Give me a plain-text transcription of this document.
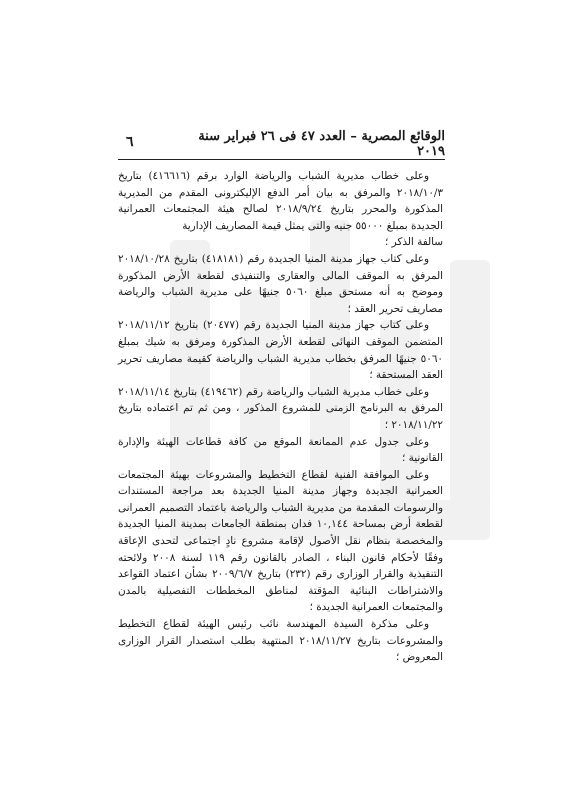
٦	الوقائع المصرية – العدد ٤٧ فى ٢٦ فبراير سنة ٢٠١٩

وعلى خطاب مديرية الشباب والرياضة الوارد برقم (٤١٦٦١٦) بتاريخ ٢٠١٨/١٠/٣ والمرفق به بيان أمر الدفع الإليكترونى المقدم من المديرية المذكورة والمحرر بتاريخ ٢٠١٨/٩/٢٤ لصالح هيئة المجتمعات العمرانية الجديدة بمبلغ ٥٥٠٠٠ جنيه والتى يمثل قيمة المصاريف الإدارية

سالفة الذكر ؛

وعلى كتاب جهاز مدينة المنيا الجديدة رقم (٤١٨١٨١) بتاريخ ٢٠١٨/١٠/٢٨ المرفق به الموقف المالى والعقارى والتنفيذى لقطعة الأرض المذكورة وموضح به أنه مستحق مبلغ ٥٠٦٠ جنيهًا على مديرية الشباب والرياضة مصاريف تحرير العقد ؛

وعلى كتاب جهاز مدينة المنيا الجديدة رقم (٢٠٤٧٧) بتاريخ ٢٠١٨/١١/١٢ المتضمن الموقف النهائى لقطعة الأرض المذكورة ومرفق به شيك بمبلغ ٥٠٦٠ جنيهًا المرفق بخطاب مديرية الشباب والرياضة كقيمة مصاريف تحرير العقد المستحقة ؛

وعلى خطاب مديرية الشباب والرياضة رقم (٤١٩٤٦٢) بتاريخ ٢٠١٨/١١/١٤ المرفق به البرنامج الزمنى للمشروع المذكور ، ومن ثم تم اعتماده بتاريخ ٢٠١٨/١١/٢٢ ؛

وعلى جدول عدم الممانعة الموقع من كافة قطاعات الهيئة والإدارة القانونية ؛

وعلى الموافقة الفنية لقطاع التخطيط والمشروعات بهيئة المجتمعات العمرانية الجديدة وجهاز مدينة المنيا الجديدة بعد مراجعة المستندات والرسومات المقدمة من مديرية الشباب والرياضة باعتماد التصميم العمرانى لقطعة أرض بمساحة ١٠,١٤٤ فدان بمنطقة الجامعات بمدينة المنيا الجديدة والمخصصة بنظام نقل الأصول لإقامة مشروع نادٍ اجتماعى لتحدى الإعاقة وفقًا لأحكام قانون البناء ، الصادر بالقانون رقم ١١٩ لسنة ٢٠٠٨ ولائحته التنفيذية والقرار الوزارى رقم (٢٣٢) بتاريخ ٢٠٠٩/٦/٧ بشأن اعتماد القواعد والاشتراطات البنائية المؤقتة لمناطق المخططات التفصيلية بالمدن والمجتمعات العمرانية الجديدة ؛

وعلى مذكرة السيدة المهندسة نائب رئيس الهيئة لقطاع التخطيط والمشروعات بتاريخ ٢٠١٨/١١/٢٧ المنتهية بطلب استصدار القرار الوزارى المعروض ؛
